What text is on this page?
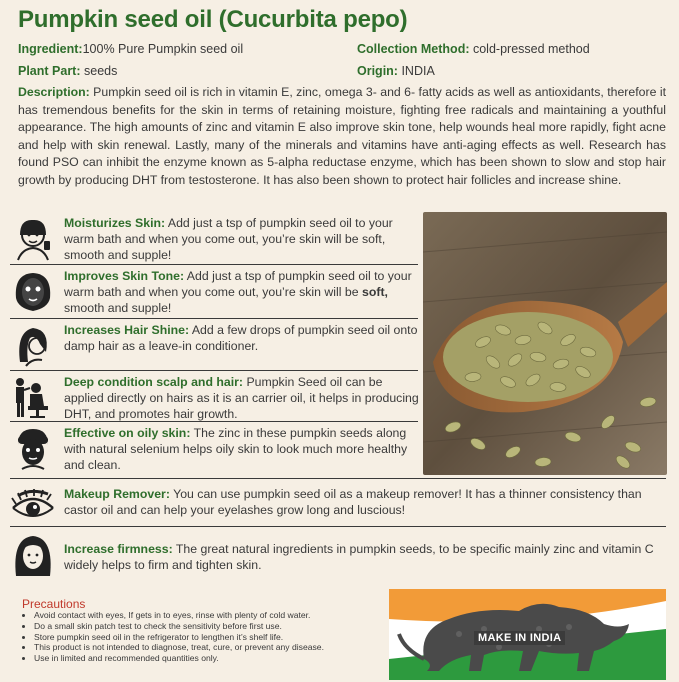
Pumpkin seed oil (Cucurbita pepo)
Ingredient:100% Pure Pumpkin seed oil	Collection Method: cold-pressed method
Plant Part: seeds	Origin: INDIA
Description: Pumpkin seed oil is rich in vitamin E, zinc, omega 3- and 6- fatty acids as well as antioxidants, therefore it has tremendous benefits for the skin in terms of retaining moisture, fighting free radicals and maintaining a youthful appearance. The high amounts of zinc and vitamin E also improve skin tone, help wounds heal more rapidly, fight acne and help with skin renewal. Lastly, many of the minerals and vitamins have anti-aging effects as well. Research has found PSO can inhibit the enzyme known as 5-alpha reductase enzyme, which has been shown to slow and stop hair growth by producing DHT from testosterone. It has also been shown to protect hair follicles and increase shine.
Moisturizes Skin: Add just a tsp of pumpkin seed oil to your warm bath and when you come out, you’re skin will be soft, smooth and supple!
Improves Skin Tone: Add just a tsp of pumpkin seed oil to your warm bath and when you come out, you’re skin will be soft, smooth and supple!
Increases Hair Shine: Add a few drops of pumpkin seed oil onto damp hair as a leave-in conditioner.
Deep condition scalp and hair: Pumpkin Seed oil can be applied directly on hairs as it is an carrier oil, it helps in producing DHT, and promotes hair growth.
Effective on oily skin: The zinc in these pumpkin seeds along with natural selenium helps oily skin to look much more healthy and clean.
Makeup Remover: You can use pumpkin seed oil as a makeup remover! It has a thinner consistency than castor oil and can help your eyelashes grow long and luscious!
Increase firmness: The great natural ingredients in pumpkin seeds, to be specific mainly zinc and vitamin C widely helps to firm and tighten skin.
Precautions
• Avoid contact with eyes, If gets in to eyes, rinse with plenty of cold water.
• Do a small skin patch test to check the sensitivity before first use.
• Store pumpkin seed oil in the refrigerator to lengthen it’s shelf life.
• This product is not intended to diagnose, treat, cure, or prevent any disease.
• Use in limited and recommended quantities only.
MAKE IN INDIA
